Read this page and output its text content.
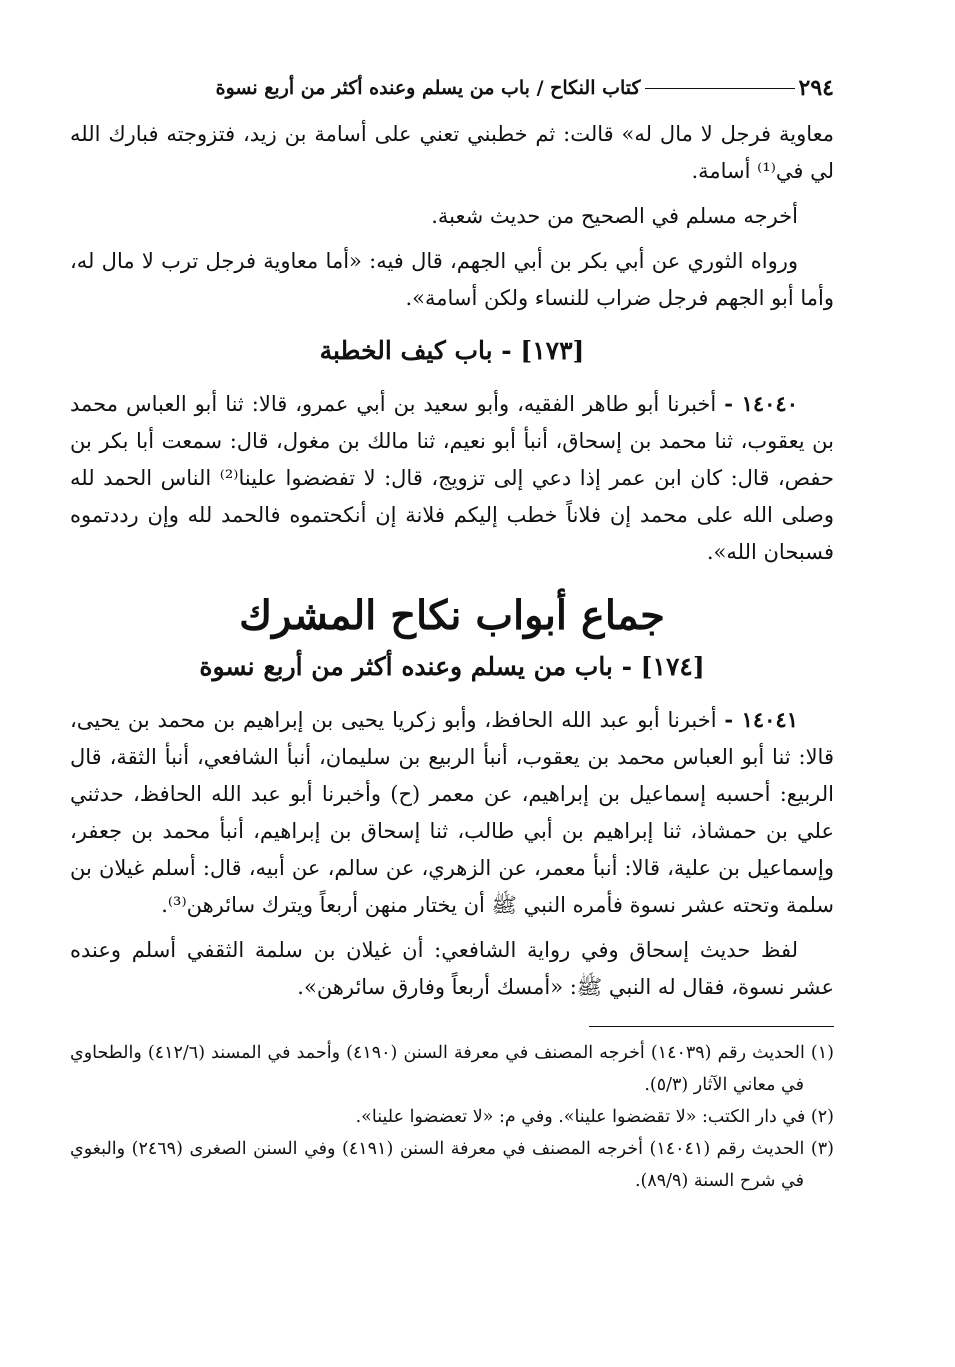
٢٩٤
كتاب النكاح / باب من يسلم وعنده أكثر من أربع نسوة

معاوية فرجل لا مال له» قالت: ثم خطبني تعني على أسامة بن زيد، فتزوجته فبارك الله لي في⁽¹⁾ أسامة.

أخرجه مسلم في الصحيح من حديث شعبة.

ورواه الثوري عن أبي بكر بن أبي الجهم، قال فيه: «أما معاوية فرجل ترب لا مال له، وأما أبو الجهم فرجل ضراب للنساء ولكن أسامة».

[١٧٣] - باب كيف الخطبة

١٤٠٤٠ - أخبرنا أبو طاهر الفقيه، وأبو سعيد بن أبي عمرو، قالا: ثنا أبو العباس محمد بن يعقوب، ثنا محمد بن إسحاق، أنبأ أبو نعيم، ثنا مالك بن مغول، قال: سمعت أبا بكر بن حفص، قال: كان ابن عمر إذا دعي إلى تزويج، قال: لا تفضضوا علينا⁽²⁾ الناس الحمد لله وصلى الله على محمد إن فلاناً خطب إليكم فلانة إن أنكحتموه فالحمد لله وإن رددتموه فسبحان الله».

جماع أبواب نكاح المشرك
[١٧٤] - باب من يسلم وعنده أكثر من أربع نسوة

١٤٠٤١ - أخبرنا أبو عبد الله الحافظ، وأبو زكريا يحيى بن إبراهيم بن محمد بن يحيى، قالا: ثنا أبو العباس محمد بن يعقوب، أنبأ الربيع بن سليمان، أنبأ الشافعي، أنبأ الثقة، قال الربيع: أحسبه إسماعيل بن إبراهيم، عن معمر (ح) وأخبرنا أبو عبد الله الحافظ، حدثني علي بن حمشاذ، ثنا إبراهيم بن أبي طالب، ثنا إسحاق بن إبراهيم، أنبأ محمد بن جعفر، وإسماعيل بن علية، قالا: أنبأ معمر، عن الزهري، عن سالم، عن أبيه، قال: أسلم غيلان بن سلمة وتحته عشر نسوة فأمره النبي ﷺ أن يختار منهن أربعاً ويترك سائرهن⁽³⁾.

لفظ حديث إسحاق وفي رواية الشافعي: أن غيلان بن سلمة الثقفي أسلم وعنده عشر نسوة، فقال له النبي ﷺ: «أمسك أربعاً وفارق سائرهن».

(١) الحديث رقم (١٤٠٣٩) أخرجه المصنف في معرفة السنن (٤١٩٠) وأحمد في المسند (٤١٢/٦) والطحاوي في معاني الآثار (٥/٣).

(٢) في دار الكتب: «لا تقضضوا علينا». وفي م: «لا تعضضوا علينا».

(٣) الحديث رقم (١٤٠٤١) أخرجه المصنف في معرفة السنن (٤١٩١) وفي السنن الصغرى (٢٤٦٩) والبغوي في شرح السنة (٨٩/٩).
